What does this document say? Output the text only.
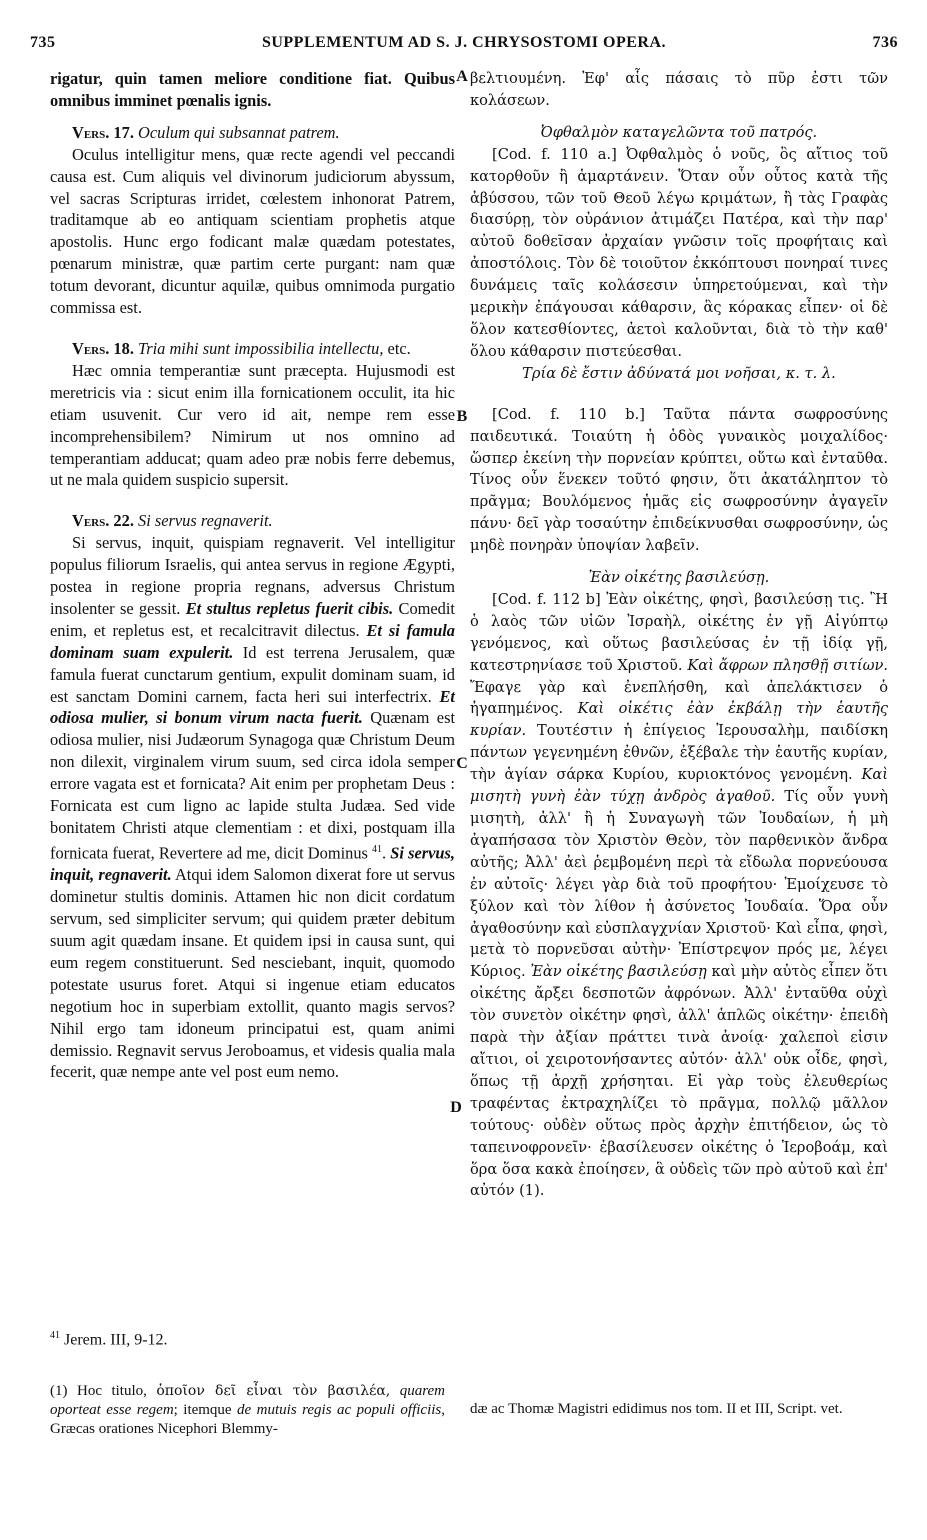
735	SUPPLEMENTUM AD S. J. CHRYSOSTOMI OPERA.	736
A
B
C
D

rigatur, quin tamen meliore conditione fiat. Quibus omnibus imminet pœnalis ignis.

Vers. 17. Oculum qui subsannat patrem.

Oculus intelligitur mens, quæ recte agendi vel peccandi causa est. Cum aliquis vel divinorum judiciorum abyssum, vel sacras Scripturas irridet, cœlestem inhonorat Patrem, traditamque ab eo antiquam scientiam prophetis atque apostolis. Hunc ergo fodicant malæ quædam potestates, pœnarum ministræ, quæ partim certe purgant: nam quæ totum devorant, dicuntur aquilæ, quibus omnimoda purgatio commissa est.

Vers. 18. Tria mihi sunt impossibilia intellectu, etc.

Hæc omnia temperantiæ sunt præcepta. Hujusmodi est meretricis via : sicut enim illa fornicationem occulit, ita hic etiam usuvenit. Cur vero id ait, nempe rem esse incomprehensibilem? Nimirum ut nos omnino ad temperantiam adducat; quam adeo præ nobis ferre debemus, ut ne mala quidem suspicio supersit.

Vers. 22. Si servus regnaverit.

Si servus, inquit, quispiam regnaverit. Vel intelligitur populus filiorum Israelis, qui antea servus in regione Ægypti, postea in regione propria regnans, adversus Christum insolenter se gessit. Et stultus repletus fuerit cibis. Comedit enim, et repletus est, et recalcitravit dilectus. Et si famula dominam suam expulerit. Id est terrena Jerusalem, quæ famula fuerat cunctarum gentium, expulit dominam suam, id est sanctam Domini carnem, facta heri sui interfectrix. Et odiosa mulier, si bonum virum nacta fuerit. Quænam est odiosa mulier, nisi Judæorum Synagoga quæ Christum Deum non dilexit, virginalem virum suum, sed circa idola semper errore vagata est et fornicata? Ait enim per prophetam Deus : Fornicata est cum ligno ac lapide stulta Judæa. Sed vide bonitatem Christi atque clementiam : et dixi, postquam illa fornicata fuerat, Revertere ad me, dicit Dominus $^{41}$. Si servus, inquit, regnaverit. Atqui idem Salomon dixerat fore ut servus dominetur stultis dominis. Attamen hic non dicit cordatum servum, sed simpliciter servum; qui quidem præter debitum suum agit quædam insane. Et quidem ipsi in causa sunt, qui eum regem constituerunt. Sed nesciebant, inquit, quomodo potestate usurus foret. Atqui si ingenue etiam educatos negotium hoc in superbiam extollit, quanto magis servos? Nihil ergo tam idoneum principatui est, quam animi demissio. Regnavit servus Jeroboamus, et videsis qualia mala fecerit, quæ nempe ante vel post eum nemo.

βελτιουμένη. Ἐφ' αἷς πάσαις τὸ πῦρ ἐστι τῶν κολάσεων.

Ὀφθαλμὸν καταγελῶντα τοῦ πατρός.

[Cod. f. 110 a.] Ὀφθαλμὸς ὁ νοῦς, ὃς αἴτιος τοῦ κατορθοῦν ἢ ἁμαρτάνειν. Ὅταν οὖν οὗτος κατὰ τῆς ἀβύσσου, τῶν τοῦ Θεοῦ λέγω κριμάτων, ἢ τὰς Γραφὰς διασύρῃ, τὸν οὐράνιον ἀτιμάζει Πατέρα, καὶ τὴν παρ' αὐτοῦ δοθεῖσαν ἀρχαίαν γνῶσιν τοῖς προφήταις καὶ ἀποστόλοις. Τὸν δὲ τοιοῦτον ἐκκόπτουσι πονηραί τινες δυνάμεις ταῖς κολάσεσιν ὑπηρετούμεναι, καὶ τὴν μερικὴν ἐπάγουσαι κάθαρσιν, ἃς κόρακας εἶπεν· οἱ δὲ ὅλον κατεσθίοντες, ἀετοὶ καλοῦνται, διὰ τὸ τὴν καθ' ὅλου κάθαρσιν πιστεύεσθαι.

Τρία δὲ ἔστιν ἀδύνατά μοι νοῆσαι, κ. τ. λ.

[Cod. f. 110 b.] Ταῦτα πάντα σωφροσύνης παιδευτικά. Τοιαύτη ἡ ὁδὸς γυναικὸς μοιχαλίδος· ὥσπερ ἐκείνη τὴν πορνείαν κρύπτει, οὕτω καὶ ἐνταῦθα. Τίνος οὖν ἕνεκεν τοῦτό φησιν, ὅτι ἀκατάληπτον τὸ πρᾶγμα; Βουλόμενος ἡμᾶς εἰς σωφροσύνην ἀγαγεῖν πάνυ· δεῖ γὰρ τοσαύτην ἐπιδείκνυσθαι σωφροσύνην, ὡς μηδὲ πονηρὰν ὑποψίαν λαβεῖν.

Ἐὰν οἰκέτης βασιλεύσῃ.

[Cod. f. 112 b] Ἐὰν οἰκέτης, φησὶ, βασιλεύσῃ τις. Ἢ ὁ λαὸς τῶν υἱῶν Ἰσραὴλ, οἰκέτης ἐν γῇ Αἰγύπτῳ γενόμενος, καὶ οὕτως βασιλεύσας ἐν τῇ ἰδίᾳ γῇ, κατεστρηνίασε τοῦ Χριστοῦ. Καὶ ἄφρων πλησθῇ σιτίων. Ἔφαγε γὰρ καὶ ἐνεπλήσθη, καὶ ἀπελάκτισεν ὁ ἠγαπημένος. Καὶ οἰκέτις ἐὰν ἐκβάλῃ τὴν ἑαυτῆς κυρίαν. Τουτέστιν ἡ ἐπίγειος Ἱερουσαλὴμ, παιδίσκη πάντων γεγενημένη ἐθνῶν, ἐξέβαλε τὴν ἑαυτῆς κυρίαν, τὴν ἁγίαν σάρκα Κυρίου, κυριοκτόνος γενομένη. Καὶ μισητὴ γυνὴ ἐὰν τύχῃ ἀνδρὸς ἀγαθοῦ. Τίς οὖν γυνὴ μισητὴ, ἀλλ' ἢ ἡ Συναγωγὴ τῶν Ἰουδαίων, ἡ μὴ ἀγαπήσασα τὸν Χριστὸν Θεὸν, τὸν παρθενικὸν ἄνδρα αὐτῆς; Ἀλλ' ἀεὶ ῥεμβομένη περὶ τὰ εἴδωλα πορνεύουσα ἐν αὐτοῖς· λέγει γὰρ διὰ τοῦ προφήτου· Ἐμοίχευσε τὸ ξύλον καὶ τὸν λίθον ἡ ἀσύνετος Ἰουδαία. Ὅρα οὖν ἀγαθοσύνην καὶ εὐσπλαγχνίαν Χριστοῦ· Καὶ εἶπα, φησὶ, μετὰ τὸ πορνεῦσαι αὐτὴν· Ἐπίστρεψον πρός με, λέγει Κύριος. Ἐὰν οἰκέτης βασιλεύσῃ καὶ μὴν αὐτὸς εἶπεν ὅτι οἰκέτης ἄρξει δεσποτῶν ἀφρόνων. Ἀλλ' ἐνταῦθα οὐχὶ τὸν συνετὸν οἰκέτην φησὶ, ἀλλ' ἁπλῶς οἰκέτην· ἐπειδὴ παρὰ τὴν ἀξίαν πράττει τινὰ ἀνοίᾳ· χαλεποὶ εἰσιν αἴτιοι, οἱ χειροτονήσαντες αὐτόν· ἀλλ' οὐκ οἶδε, φησὶ, ὅπως τῇ ἀρχῇ χρήσηται. Εἰ γὰρ τοὺς ἐλευθερίως τραφέντας ἐκτραχηλίζει τὸ πρᾶγμα, πολλῷ μᾶλλον τούτους· οὐδὲν οὕτως πρὸς ἀρχὴν ἐπιτήδειον, ὡς τὸ ταπεινοφρονεῖν· ἐβασίλευσεν οἰκέτης ὁ Ἱεροβοάμ, καὶ ὅρα ὅσα κακὰ ἐποίησεν, ἃ οὐδεὶς τῶν πρὸ αὐτοῦ καὶ ἐπ' αὐτόν (1).

$^{41}$ Jerem. III, 9-12.
(1) Hoc titulo, ὁποῖον δεῖ εἶναι τὸν βασιλέα, quarem oporteat esse regem; itemque de mutuis regis ac populi officiis, Græcas orationes Nicephori Blemmy-
dæ ac Thomæ Magistri edidimus nos tom. II et III, Script. vet.
